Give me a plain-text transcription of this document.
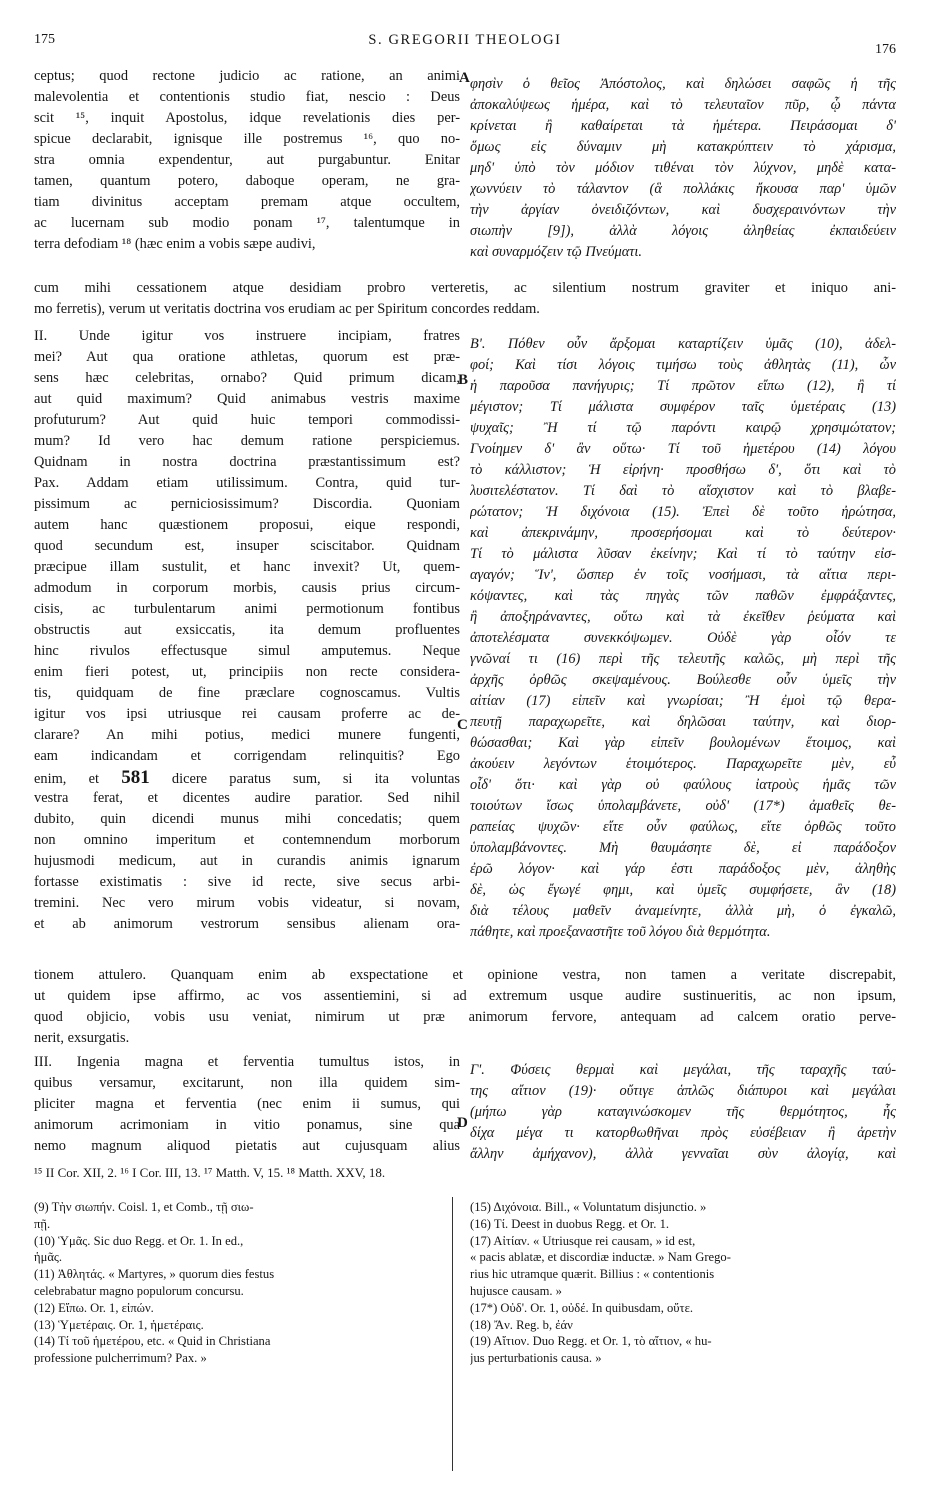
175	S. GREGORII THEOLOGI
176
A
B
C
D
ceptus; quod rectone judicio ac ratione, an animi
malevolentia et contentionis studio fiat, nescio : Deus
scit ¹⁵, inquit Apostolus, idque revelationis dies per-
spicue declarabit, ignisque ille postremus ¹⁶, quo no-
stra omnia expendentur, aut purgabuntur. Enitar
tamen, quantum potero, daboque operam, ne gra-
tiam divinitus acceptam premam atque occultem,
ac lucernam sub modio ponam ¹⁷, talentumque in
terra defodiam ¹⁸ (hæc enim a vobis sæpe audivi,
φησὶν ὁ θεῖος Ἀπόστολος, καὶ δηλώσει σαφῶς ἡ τῆς
ἀποκαλύψεως ἡμέρα, καὶ τὸ τελευταῖον πῦρ, ᾧ πάντα
κρίνεται ἢ καθαίρεται τὰ ἡμέτερα. Πειράσομαι δ'
ὅμως εἰς δύναμιν μὴ κατακρύπτειν τὸ χάρισμα,
μηδ' ὑπὸ τὸν μόδιον τιθέναι τὸν λύχνον, μηδὲ κατα-
χωννύειν τὸ τάλαντον (ἃ πολλάκις ἤκουσα παρ' ὑμῶν
τὴν ἀργίαν ὀνειδιζόντων, καὶ δυσχεραινόντων τὴν
σιωπὴν [9]), ἀλλὰ λόγοις ἀληθείας ἐκπαιδεύειν
καὶ συναρμόζειν τῷ Πνεύματι.
cum mihi cessationem atque desidiam probro verteretis, ac silentium nostrum graviter et iniquo ani-
mo ferretis), verum ut veritatis doctrina vos erudiam ac per Spiritum concordes reddam.
II. Unde igitur vos instruere incipiam, fratres
mei? Aut qua oratione athletas, quorum est præ-
sens hæc celebritas, ornabo? Quid primum dicam,
aut quid maximum? Quid animabus vestris maxime
profuturum? Aut quid huic tempori commodissi-
mum? Id vero hac demum ratione perspiciemus.
Quidnam in nostra doctrina præstantissimum est?
Pax. Addam etiam utilissimum. Contra, quid tur-
pissimum ac perniciosissimum? Discordia. Quoniam
autem hanc quæstionem proposui, eique respondi,
quod secundum est, insuper sciscitabor. Quidnam
præcipue illam sustulit, et hanc invexit? Ut, quem-
admodum in corporum morbis, causis prius circum-
cisis, ac turbulentarum animi permotionum fontibus
obstructis aut exsiccatis, ita demum profluentes
hinc rivulos effectusque simul amputemus. Neque
enim fieri potest, ut, principiis non recte considera-
tis, quidquam de fine præclare cognoscamus. Vultis
igitur vos ipsi utriusque rei causam proferre ac de-
clarare? An mihi potius, medici munere fungenti,
eam indicandam et corrigendam relinquitis? Ego
enim, et 581 dicere paratus sum, si ita voluntas
vestra ferat, et dicentes audire paratior. Sed nihil
dubito, quin dicendi munus mihi concedatis; quem
non omnino imperitum et contemnendum morborum
hujusmodi medicum, aut in curandis animis ignarum
fortasse existimatis : sive id recte, sive secus arbi-
tremini. Nec vero mirum vobis videatur, si novam,
et ab animorum vestrorum sensibus alienam ora-
Β'. Πόθεν οὖν ἄρξομαι καταρτίζειν ὑμᾶς (10), ἀδελ-
φοί; Καὶ τίσι λόγοις τιμήσω τοὺς ἀθλητὰς (11), ὧν
ἡ παροῦσα πανήγυρις; Τί πρῶτον εἴπω (12), ἢ τί
μέγιστον; Τί μάλιστα συμφέρον ταῖς ὑμετέραις (13)
ψυχαῖς; Ἢ τί τῷ παρόντι καιρῷ χρησιμώτατον;
Γνοίημεν δ' ἂν οὕτω· Τί τοῦ ἡμετέρου (14) λόγου
τὸ κάλλιστον; Ἡ εἰρήνη· προσθήσω δ', ὅτι καὶ τὸ
λυσιτελέστατον. Τί δαὶ τὸ αἴσχιστον καὶ τὸ βλαβε-
ρώτατον; Ἡ διχόνοια (15). Ἐπεὶ δὲ τοῦτο ἠρώτησα,
καὶ ἀπεκρινάμην, προσερήσομαι καὶ τὸ δεύτερον·
Τί τὸ μάλιστα λῦσαν ἐκείνην; Καὶ τί τὸ ταύτην εἰσ-
αγαγόν; Ἵν', ὥσπερ ἐν τοῖς νοσήμασι, τὰ αἴτια περι-
κόψαντες, καὶ τὰς πηγὰς τῶν παθῶν ἐμφράξαντες,
ἢ ἀποξηράναντες, οὕτω καὶ τὰ ἐκεῖθεν ῥεύματα καὶ
ἀποτελέσματα συνεκκόψωμεν. Οὐδὲ γὰρ οἷόν τε
γνῶναί τι (16) περὶ τῆς τελευτῆς καλῶς, μὴ περὶ τῆς
ἀρχῆς ὀρθῶς σκεψαμένους. Βούλεσθε οὖν ὑμεῖς τὴν
αἰτίαν (17) εἰπεῖν καὶ γνωρίσαι; Ἢ ἐμοὶ τῷ θερα-
πευτῇ παραχωρεῖτε, καὶ δηλῶσαι ταύτην, καὶ διορ-
θώσασθαι; Καὶ γὰρ εἰπεῖν βουλομένων ἕτοιμος, καὶ
ἀκούειν λεγόντων ἑτοιμότερος. Παραχωρεῖτε μὲν, εὖ
οἶδ' ὅτι· καὶ γὰρ οὐ φαύλους ἰατροὺς ἡμᾶς τῶν
τοιούτων ἴσως ὑπολαμβάνετε, οὐδ' (17*) ἀμαθεῖς θε-
ραπείας ψυχῶν· εἴτε οὖν φαύλως, εἴτε ὀρθῶς τοῦτο
ὑπολαμβάνοντες. Μὴ θαυμάσητε δὲ, εἰ παράδοξον
ἐρῶ λόγον· καὶ γάρ ἐστι παράδοξος μὲν, ἀληθὴς
δὲ, ὡς ἔγωγέ φημι, καὶ ὑμεῖς συμφήσετε, ἂν (18)
διὰ τέλους μαθεῖν ἀναμείνητε, ἀλλὰ μὴ, ὁ ἐγκαλῶ,
πάθητε, καὶ προεξαναστῆτε τοῦ λόγου διὰ θερμότητα.
tionem attulero. Quanquam enim ab exspectatione et opinione vestra, non tamen a veritate discrepabit,
ut quidem ipse affirmo, ac vos assentiemini, si ad extremum usque audire sustinueritis, ac non ipsum,
quod objicio, vobis usu veniat, nimirum ut præ animorum fervore, antequam ad calcem oratio perve-
nerit, exsurgatis.
III. Ingenia magna et ferventia tumultus istos, in
quibus versamur, excitarunt, non illa quidem sim-
pliciter magna et ferventia (nec enim ii sumus, qui
animorum acrimoniam in vitio ponamus, sine qua
nemo magnum aliquod pietatis aut cujusquam alius
Γ'. Φύσεις θερμαὶ καὶ μεγάλαι, τῆς ταραχῆς ταύ-
της αἴτιον (19)· οὔτιγε ἁπλῶς διάπυροι καὶ μεγάλαι
(μήπω γὰρ καταγινώσκομεν τῆς θερμότητος, ἧς
δίχα μέγα τι κατορθωθῆναι πρὸς εὐσέβειαν ἢ ἀρετὴν
ἄλλην ἀμήχανον), ἀλλὰ γενναῖαι σὺν ἀλογίᾳ, καὶ
¹⁵ II Cor. XII, 2. ¹⁶ I Cor. III, 13. ¹⁷ Matth. V, 15. ¹⁸ Matth. XXV, 18.
(9) Τὴν σιωπήν. Coisl. 1, et Comb., τῇ σιω-
πῇ.
(10) Ὑμᾶς. Sic duo Regg. et Or. 1. In ed.,
ἡμᾶς.
(11) Ἀθλητάς. « Martyres, » quorum dies festus
celebrabatur magno populorum concursu.
(12) Εἴπω. Or. 1, εἰπών.
(13) Ὑμετέραις. Or. 1, ἡμετέραις.
(14) Τί τοῦ ἡμετέρου, etc. « Quid in Christiana
professione pulcherrimum? Pax. »
(15) Διχόνοια. Bill., « Voluntatum disjunctio. »
(16) Τί. Deest in duobus Regg. et Or. 1.
(17) Αἰτίαν. « Utriusque rei causam, » id est,
« pacis ablatæ, et discordiæ inductæ. » Nam Grego-
rius hic utramque quærit. Billius : « contentionis
hujusce causam. »
(17*) Οὐδ'. Or. 1, οὐδέ. In quibusdam, οὔτε.
(18) Ἄν. Reg. b, ἐάν
(19) Αἴτιον. Duo Regg. et Or. 1, τὸ αἴτιον, « hu-
jus perturbationis causa. »
